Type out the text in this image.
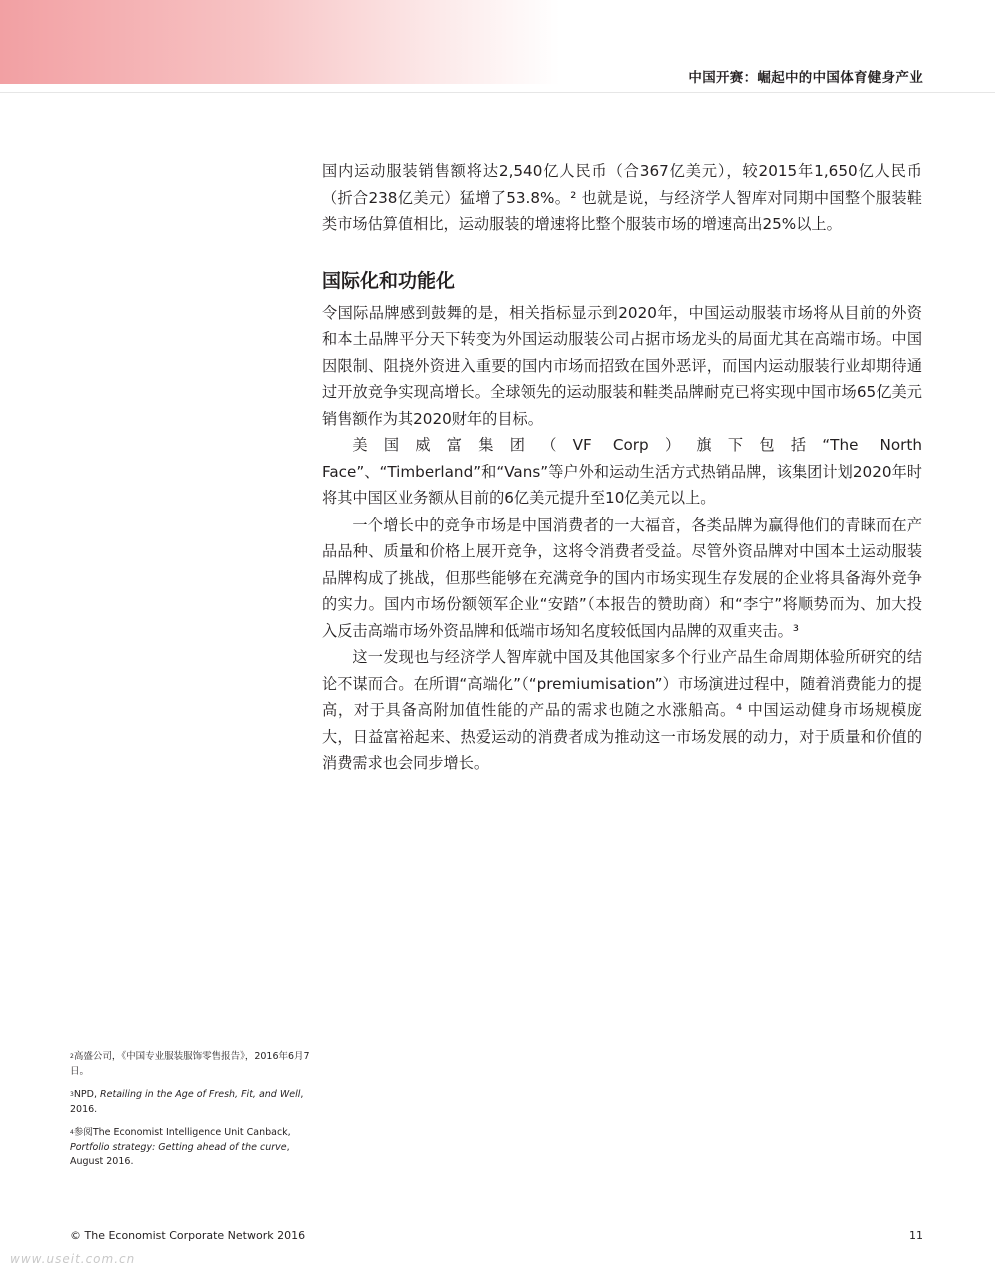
中国开赛：崛起中的中国体育健身产业

国内运动服装销售额将达2,540亿人民币（合367亿美元），较2015年1,650亿人民币（折合238亿美元）猛增了53.8%。² 也就是说，与经济学人智库对同期中国整个服装鞋类市场估算值相比，运动服装的增速将比整个服装市场的增速高出25%以上。

国际化和功能化

令国际品牌感到鼓舞的是，相关指标显示到2020年，中国运动服装市场将从目前的外资和本土品牌平分天下转变为外国运动服装公司占据市场龙头的局面尤其在高端市场。中国因限制、阻挠外资进入重要的国内市场而招致在国外恶评，而国内运动服装行业却期待通过开放竞争实现高增长。全球领先的运动服装和鞋类品牌耐克已将实现中国市场65亿美元销售额作为其2020财年的目标。

美国威富集团（VF Corp）旗下包括“The North Face”、“Timberland”和“Vans”等户外和运动生活方式热销品牌，该集团计划2020年时将其中国区业务额从目前的6亿美元提升至10亿美元以上。

一个增长中的竞争市场是中国消费者的一大福音，各类品牌为赢得他们的青睐而在产品品种、质量和价格上展开竞争，这将令消费者受益。尽管外资品牌对中国本土运动服装品牌构成了挑战，但那些能够在充满竞争的国内市场实现生存发展的企业将具备海外竞争的实力。国内市场份额领军企业“安踏”（本报告的赞助商）和“李宁”将顺势而为、加大投入反击高端市场外资品牌和低端市场知名度较低国内品牌的双重夹击。³

这一发现也与经济学人智库就中国及其他国家多个行业产品生命周期体验所研究的结论不谋而合。在所谓“高端化”（“premiumisation”）市场演进过程中，随着消费能力的提高，对于具备高附加值性能的产品的需求也随之水涨船高。⁴ 中国运动健身市场规模庞大，日益富裕起来、热爱运动的消费者成为推动这一市场发展的动力，对于质量和价值的消费需求也会同步增长。

$^2$高盛公司，《中国专业服装服饰零售报告》，2016年6月7日。

$^3$NPD, Retailing in the Age of Fresh, Fit, and Well, 2016.

$^4$参阅The Economist Intelligence Unit Canback, Portfolio strategy: Getting ahead of the curve, August 2016.

© The Economist Corporate Network 2016	11
www.useit.com.cn
